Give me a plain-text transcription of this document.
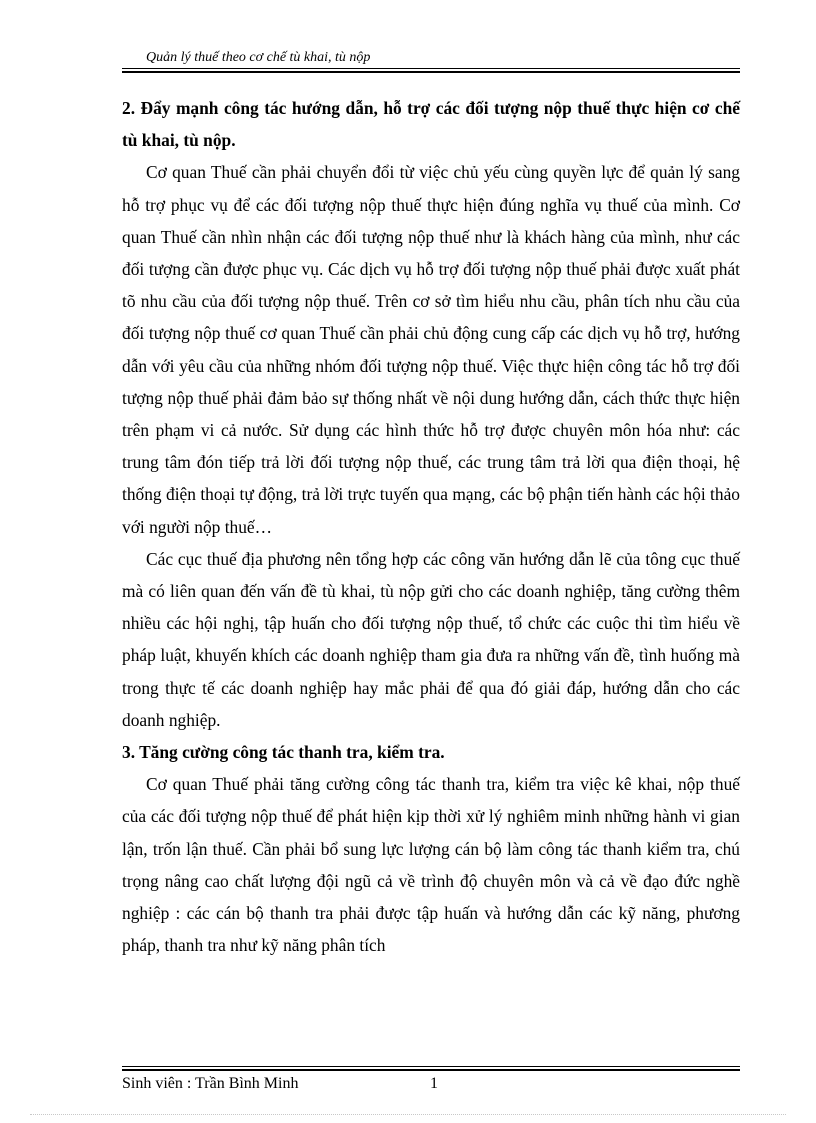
Quản lý thuế theo cơ chế tù khai, tù nộp

2. Đẩy mạnh công tác hướng dẫn, hỗ trợ các đối tượng nộp thuế thực hiện cơ chế tù khai, tù nộp.

Cơ quan Thuế cần phải chuyển đổi từ việc chủ yếu cùng quyền lực để quản lý sang hỗ trợ phục vụ để các đối tượng nộp thuế thực hiện đúng nghĩa vụ thuế của mình. Cơ quan Thuế cần nhìn nhận các đối tượng nộp thuế như là khách hàng của mình, như các đối tượng cần được phục vụ. Các dịch vụ hỗ trợ đối tượng nộp thuế phải được xuất phát tõ nhu cầu của đối tượng nộp thuế. Trên cơ sở tìm hiểu nhu cầu, phân tích nhu cầu của đối tượng nộp thuế cơ quan Thuế cần phải chủ động cung cấp các dịch vụ hỗ trợ, hướng dẫn với yêu cầu của những nhóm đối tượng nộp thuế. Việc thực hiện công tác hỗ trợ đối tượng nộp thuế phải đảm bảo sự thống nhất về nội dung hướng dẫn, cách thức thực hiện trên phạm vi cả nước. Sử dụng các hình thức hỗ trợ được chuyên môn hóa như: các trung tâm đón tiếp trả lời đối tượng nộp thuế, các trung tâm trả lời qua điện thoại, hệ thống điện thoại tự động, trả lời trực tuyến qua mạng, các bộ phận tiến hành các hội thảo với người nộp thuế…

Các cục thuế địa phương nên tổng hợp các công văn hướng dẫn lẽ của tông cục thuế mà có liên quan đến vấn đề tù khai, tù nộp gửi cho các doanh nghiệp, tăng cường thêm nhiều các hội nghị, tập huấn cho đối tượng nộp thuế, tổ chức các cuộc thi tìm hiểu về pháp luật, khuyến khích các doanh nghiệp tham gia đưa ra những vấn đề, tình huống mà trong thực tế các doanh nghiệp hay mắc phải để qua đó giải đáp, hướng dẫn cho các doanh nghiệp.

3. Tăng cường công tác thanh tra, kiểm tra.

Cơ quan Thuế phải tăng cường công tác thanh tra, kiểm tra việc kê khai, nộp thuế của các đối tượng nộp thuế để phát hiện kịp thời xử lý nghiêm minh những hành vi gian lận, trốn lận thuế. Cần phải bổ sung lực lượng cán bộ làm công tác thanh kiểm tra, chú trọng nâng cao chất lượng đội ngũ cả về trình độ chuyên môn và cả về đạo đức nghề nghiệp : các cán bộ thanh tra phải được tập huấn và hướng dẫn các kỹ năng, phương pháp, thanh tra như kỹ năng phân tích

Sinh viên : Trần Bình Minh	1
